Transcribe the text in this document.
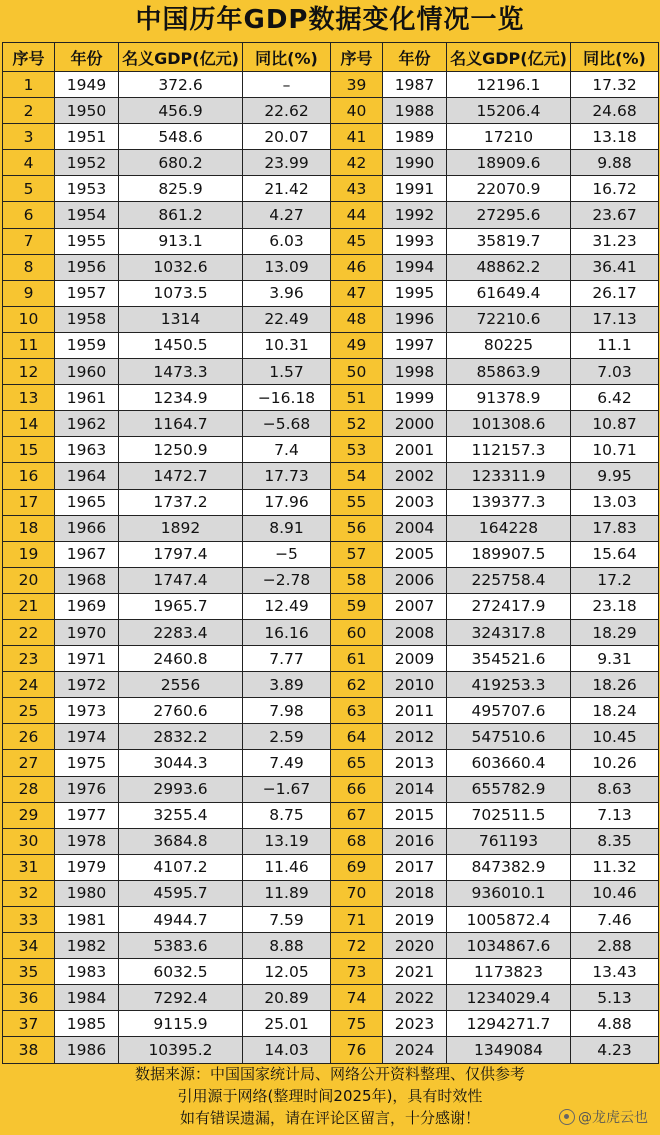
中国历年GDP数据变化情况一览
序号	年份	名义GDP(亿元)	同比(%)	序号	年份	名义GDP(亿元)	同比(%)
1	1949	372.6	–	39	1987	12196.1	17.32
2	1950	456.9	22.62	40	1988	15206.4	24.68
3	1951	548.6	20.07	41	1989	17210	13.18
4	1952	680.2	23.99	42	1990	18909.6	9.88
5	1953	825.9	21.42	43	1991	22070.9	16.72
6	1954	861.2	4.27	44	1992	27295.6	23.67
7	1955	913.1	6.03	45	1993	35819.7	31.23
8	1956	1032.6	13.09	46	1994	48862.2	36.41
9	1957	1073.5	3.96	47	1995	61649.4	26.17
10	1958	1314	22.49	48	1996	72210.6	17.13
11	1959	1450.5	10.31	49	1997	80225	11.1
12	1960	1473.3	1.57	50	1998	85863.9	7.03
13	1961	1234.9	−16.18	51	1999	91378.9	6.42
14	1962	1164.7	−5.68	52	2000	101308.6	10.87
15	1963	1250.9	7.4	53	2001	112157.3	10.71
16	1964	1472.7	17.73	54	2002	123311.9	9.95
17	1965	1737.2	17.96	55	2003	139377.3	13.03
18	1966	1892	8.91	56	2004	164228	17.83
19	1967	1797.4	−5	57	2005	189907.5	15.64
20	1968	1747.4	−2.78	58	2006	225758.4	17.2
21	1969	1965.7	12.49	59	2007	272417.9	23.18
22	1970	2283.4	16.16	60	2008	324317.8	18.29
23	1971	2460.8	7.77	61	2009	354521.6	9.31
24	1972	2556	3.89	62	2010	419253.3	18.26
25	1973	2760.6	7.98	63	2011	495707.6	18.24
26	1974	2832.2	2.59	64	2012	547510.6	10.45
27	1975	3044.3	7.49	65	2013	603660.4	10.26
28	1976	2993.6	−1.67	66	2014	655782.9	8.63
29	1977	3255.4	8.75	67	2015	702511.5	7.13
30	1978	3684.8	13.19	68	2016	761193	8.35
31	1979	4107.2	11.46	69	2017	847382.9	11.32
32	1980	4595.7	11.89	70	2018	936010.1	10.46
33	1981	4944.7	7.59	71	2019	1005872.4	7.46
34	1982	5383.6	8.88	72	2020	1034867.6	2.88
35	1983	6032.5	12.05	73	2021	1173823	13.43
36	1984	7292.4	20.89	74	2022	1234029.4	5.13
37	1985	9115.9	25.01	75	2023	1294271.7	4.88
38	1986	10395.2	14.03	76	2024	1349084	4.23
数据来源：中国国家统计局、网络公开资料整理、仅供参考
引用源于网络(整理时间2025年)，具有时效性
如有错误遗漏，请在评论区留言，十分感谢！	@龙虎云也
